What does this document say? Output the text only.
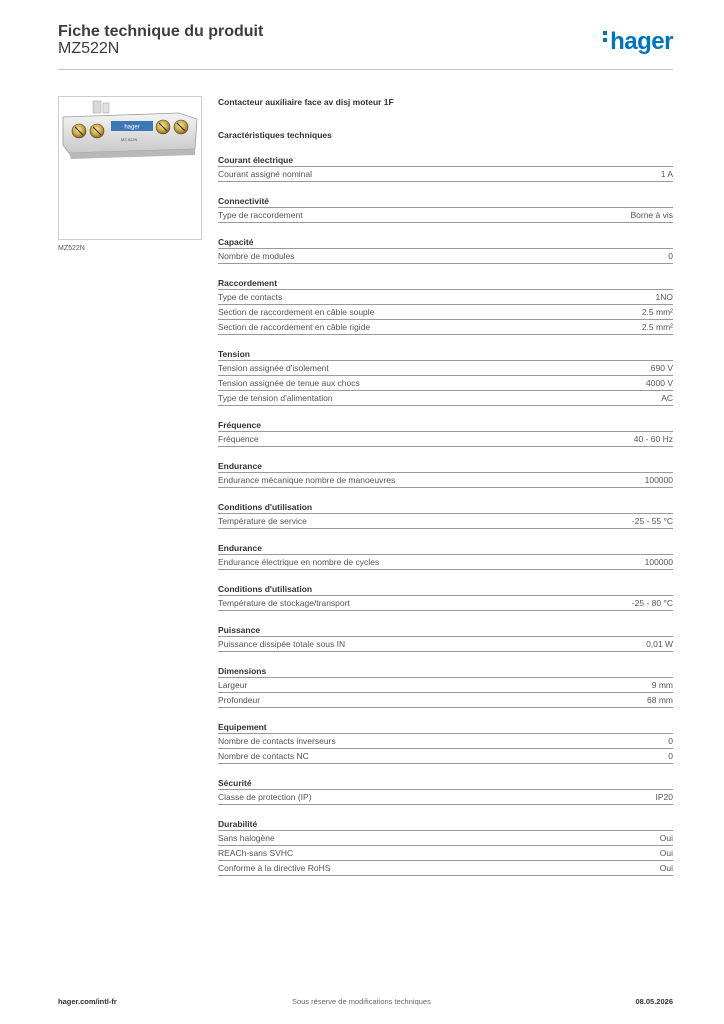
Fiche technique du produit
MZ522N	hager
hager
MZ 522N
MZ522N
Contacteur auxiliaire face av disj moteur 1F
Caractéristiques techniques
Courant électrique
Courant assigné nominal	1 A
Connectivité
Type de raccordement	Borne à vis
Capacité
Nombre de modules	0
Raccordement
Type de contacts	1NO
Section de raccordement en câble souple	2.5 mm²
Section de raccordement en câble rigide	2.5 mm²
Tension
Tension assignée d'isolement	690 V
Tension assignée de tenue aux chocs	4000 V
Type de tension d'alimentation	AC
Fréquence
Fréquence	40 - 60 Hz
Endurance
Endurance mécanique nombre de manoeuvres	100000
Conditions d'utilisation
Température de service	-25 - 55 °C
Endurance
Endurance électrique en nombre de cycles	100000
Conditions d'utilisation
Température de stockage/transport	-25 - 80 °C
Puissance
Puissance dissipée totale sous IN	0,01 W
Dimensions
Largeur	9 mm
Profondeur	68 mm
Equipement
Nombre de contacts inverseurs	0
Nombre de contacts NC	0
Sécurité
Classe de protection (IP)	IP20
Durabilité
Sans halogène	Oui
REACh-sans SVHC	Oui
Conforme à la directive RoHS	Oui
hager.com/intl-fr	Sous réserve de modifications techniques	08.05.2026
